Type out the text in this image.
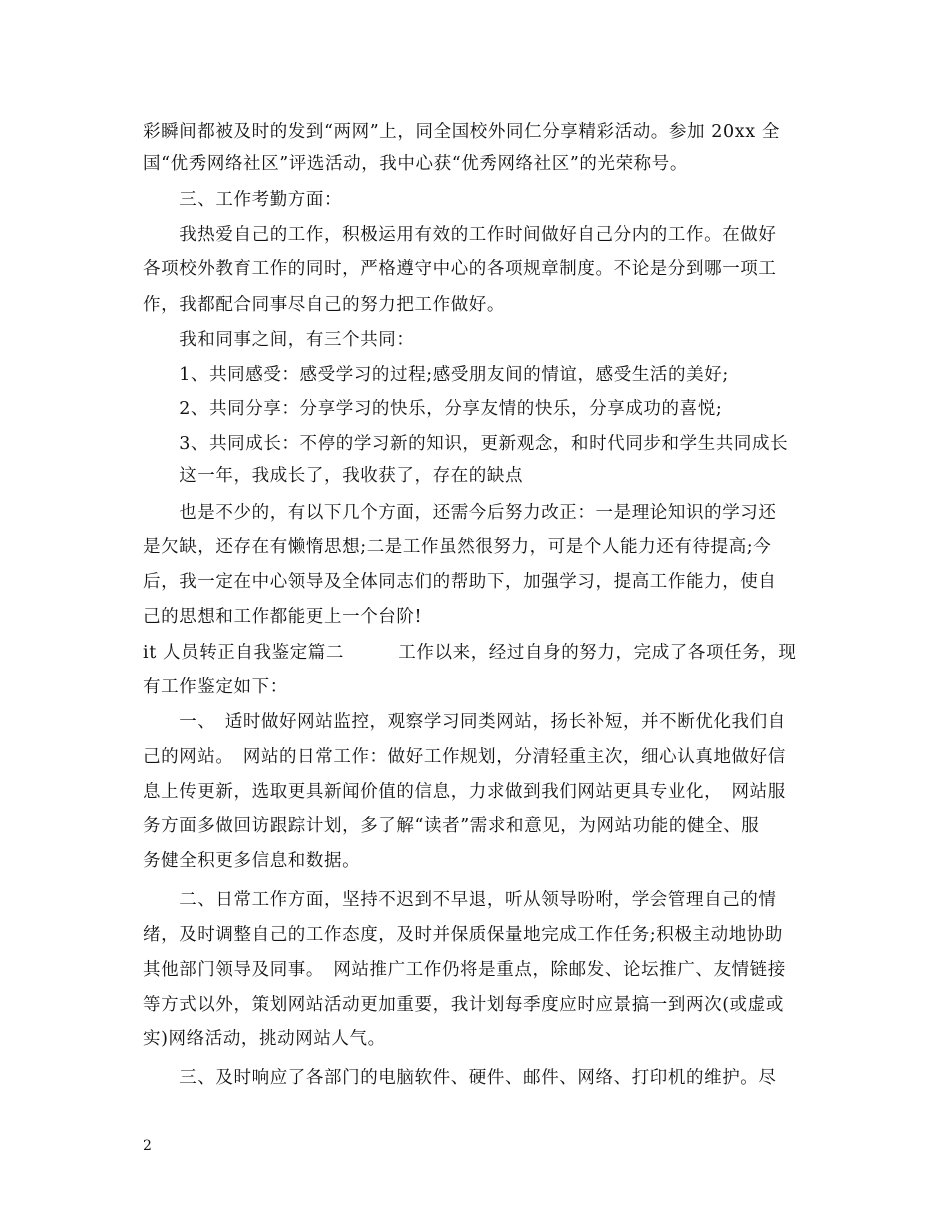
彩瞬间都被及时的发到“两网”上，同全国校外同仁分享精彩活动。参加 20xx 全
国“优秀网络社区”评选活动，我中心获“优秀网络社区”的光荣称号。
　　三、工作考勤方面：
　　我热爱自己的工作，积极运用有效的工作时间做好自己分内的工作。在做好
各项校外教育工作的同时，严格遵守中心的各项规章制度。不论是分到哪一项工
作，我都配合同事尽自己的努力把工作做好。
　　我和同事之间，有三个共同：
　　1、共同感受：感受学习的过程;感受朋友间的情谊，感受生活的美好;
　　2、共同分享：分享学习的快乐，分享友情的快乐，分享成功的喜悦;
　　3、共同成长：不停的学习新的知识，更新观念，和时代同步和学生共同成长
　　这一年，我成长了，我收获了，存在的缺点
　　也是不少的，有以下几个方面，还需今后努力改正：一是理论知识的学习还
是欠缺，还存在有懒惰思想;二是工作虽然很努力，可是个人能力还有待提高;今
后，我一定在中心领导及全体同志们的帮助下，加强学习，提高工作能力，使自
己的思想和工作都能更上一个台阶!
it 人员转正自我鉴定篇二　　　工作以来，经过自身的努力，完成了各项任务，现
有工作鉴定如下：
　　一、　适时做好网站监控，观察学习同类网站，扬长补短，并不断优化我们自
己的网站。　网站的日常工作：做好工作规划，分清轻重主次，细心认真地做好信
息上传更新，选取更具新闻价值的信息，力求做到我们网站更具专业化，　网站服
务方面多做回访跟踪计划，多了解“读者”需求和意见，为网站功能的健全、服
务健全积更多信息和数据。
　　二、日常工作方面，坚持不迟到不早退，听从领导吩咐，学会管理自己的情
绪，及时调整自己的工作态度，及时并保质保量地完成工作任务;积极主动地协助
其他部门领导及同事。　网站推广工作仍将是重点，除邮发、论坛推广、友情链接
等方式以外，策划网站活动更加重要，我计划每季度应时应景搞一到两次(或虚或
实)网络活动，挑动网站人气。
　　三、及时响应了各部门的电脑软件、硬件、邮件、网络、打印机的维护。尽
2
